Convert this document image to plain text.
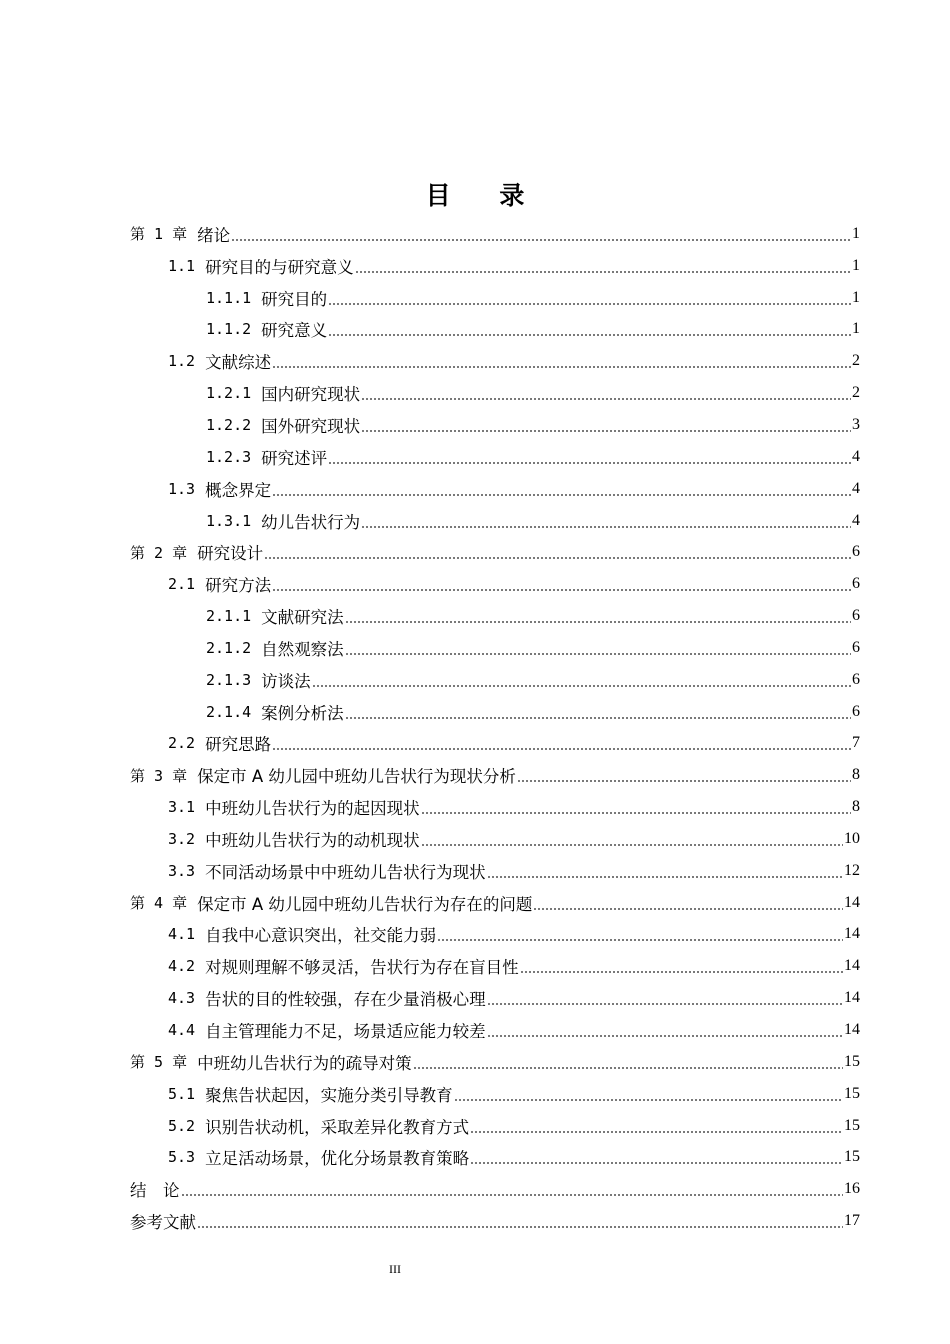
目 录
第 1 章 绪论	1
1.1 研究目的与研究意义	1
1.1.1 研究目的	1
1.1.2 研究意义	1
1.2 文献综述	2
1.2.1 国内研究现状	2
1.2.2 国外研究现状	3
1.2.3 研究述评	4
1.3 概念界定	4
1.3.1 幼儿告状行为	4
第 2 章 研究设计	6
2.1 研究方法	6
2.1.1 文献研究法	6
2.1.2 自然观察法	6
2.1.3 访谈法	6
2.1.4 案例分析法	6
2.2 研究思路	7
第 3 章 保定市 A 幼儿园中班幼儿告状行为现状分析	8
3.1 中班幼儿告状行为的起因现状	8
3.2 中班幼儿告状行为的动机现状	10
3.3 不同活动场景中中班幼儿告状行为现状	12
第 4 章 保定市 A 幼儿园中班幼儿告状行为存在的问题	14
4.1 自我中心意识突出，社交能力弱	14
4.2 对规则理解不够灵活，告状行为存在盲目性	14
4.3 告状的目的性较强，存在少量消极心理	14
4.4 自主管理能力不足，场景适应能力较差	14
第 5 章 中班幼儿告状行为的疏导对策	15
5.1 聚焦告状起因，实施分类引导教育	15
5.2 识别告状动机，采取差异化教育方式	15
5.3 立足活动场景，优化分场景教育策略	15
结　论	16
参考文献	17
III
